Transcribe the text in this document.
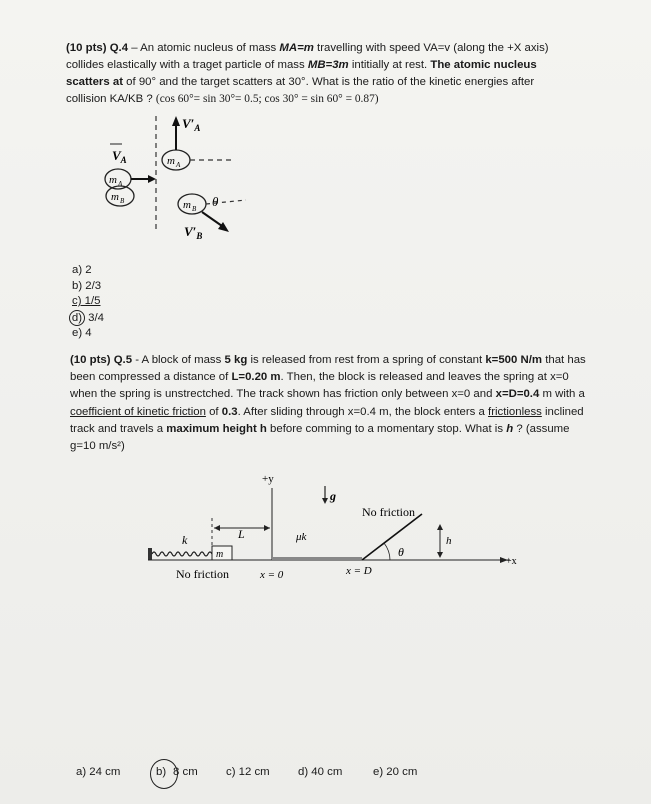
(10 pts) Q.4 – An atomic nucleus of mass MA=m travelling with speed VA=v (along the +X axis) collides elastically with a traget particle of mass MB=3m intitially at rest. The atomic nucleus scatters at of 90° and the target scatters at 30°. What is the ratio of the kinetic energies after collision KA/KB ? (cos 60°= sin 30°= 0.5; cos 30° = sin 60° = 0.87)
$V_A$
m A
m B
m A
$V'_A$
m B θ
$V'_B$
a) 2
b) 2/3
c) 1/5
d) 3/4
e) 4
(10 pts) Q.5 - A block of mass 5 kg is released from rest from a spring of constant k=500 N/m that has been compressed a distance of L=0.20 m. Then, the block is released and leaves the spring at x=0 when the spring is unstrectched. The track shown has friction only between x=0 and x=D=0.4 m with a coefficient of kinetic friction of 0.3. After sliding through x=0.4 m, the block enters a frictionless inclined track and travels a maximum height h before comming to a momentary stop. What is h ? (assume g=10 m/s²)
+y
g
No friction
L
k	μk
m	θ
h
+x
No friction	x = 0	x = D
a) 24 cm	b) 8 cm c) 12 cm d) 40 cm	e) 20 cm
